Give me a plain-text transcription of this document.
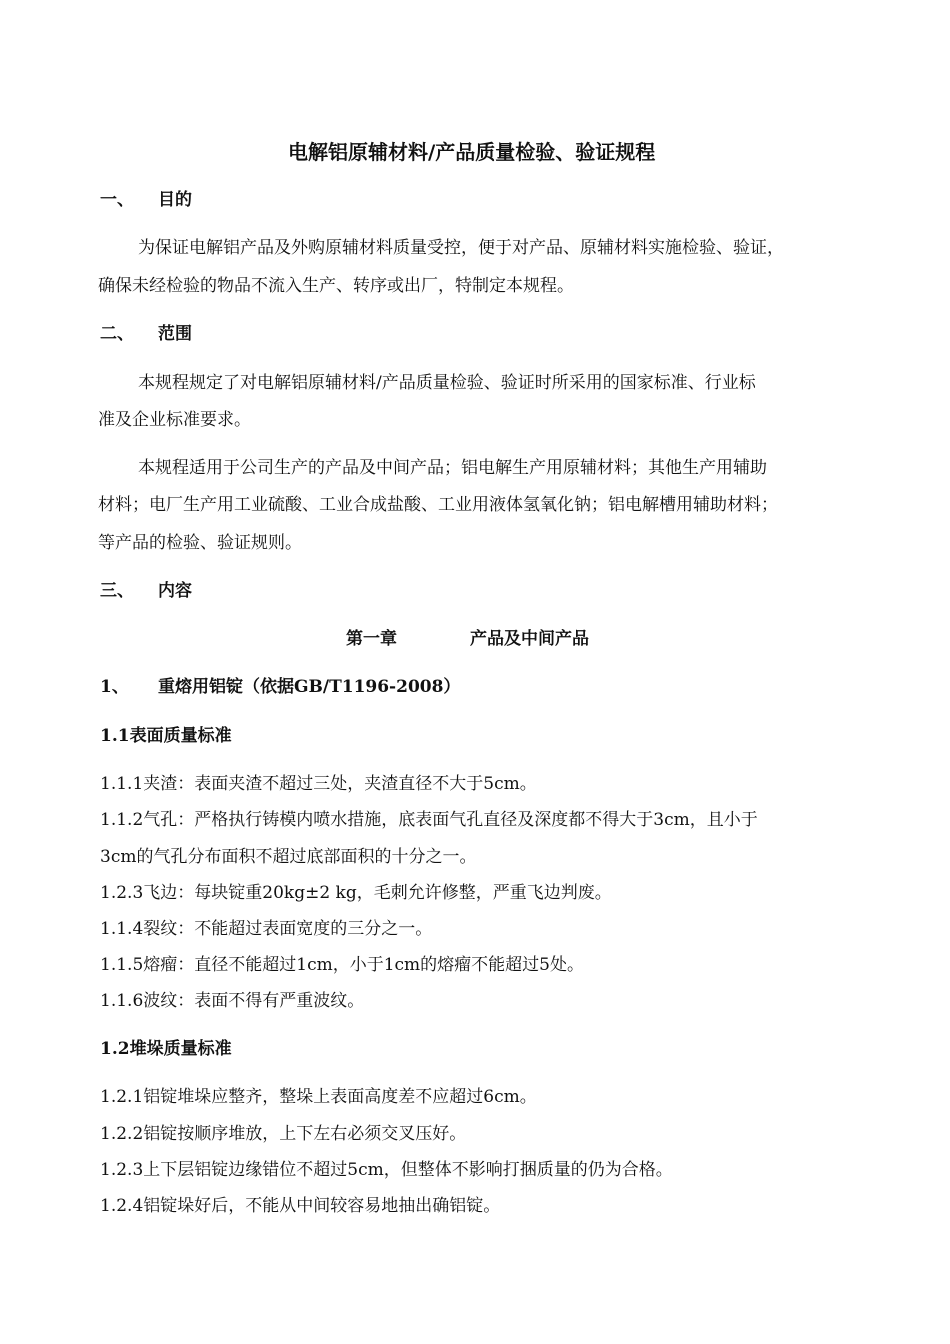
电解铝原辅材料/产品质量检验、验证规程
一、 目的
为保证电解铝产品及外购原辅材料质量受控，便于对产品、原辅材料实施检验、验证，
确保未经检验的物品不流入生产、转序或出厂，特制定本规程。
二、 范围
本规程规定了对电解铝原辅材料/产品质量检验、验证时所采用的国家标准、行业标
准及企业标准要求。
本规程适用于公司生产的产品及中间产品；铝电解生产用原辅材料；其他生产用辅助
材料；电厂生产用工业硫酸、工业合成盐酸、工业用液体氢氧化钠；铝电解槽用辅助材料；
等产品的检验、验证规则。
三、 内容
第一章	产品及中间产品
1、 重熔用铝锭（依据GB/T1196-2008）
1.1表面质量标准
1.1.1夹渣：表面夹渣不超过三处，夹渣直径不大于5cm。
1.1.2气孔：严格执行铸模内喷水措施，底表面气孔直径及深度都不得大于3cm，且小于
3cm的气孔分布面积不超过底部面积的十分之一。
1.2.3飞边：每块锭重20kg±2 kg，毛刺允许修整，严重飞边判废。
1.1.4裂纹：不能超过表面宽度的三分之一。
1.1.5熔瘤：直径不能超过1cm，小于1cm的熔瘤不能超过5处。
1.1.6波纹：表面不得有严重波纹。
1.2堆垛质量标准
1.2.1铝锭堆垛应整齐，整垛上表面高度差不应超过6cm。
1.2.2铝锭按顺序堆放，上下左右必须交叉压好。
1.2.3上下层铝锭边缘错位不超过5cm，但整体不影响打捆质量的仍为合格。
1.2.4铝锭垛好后，不能从中间较容易地抽出确铝锭。
